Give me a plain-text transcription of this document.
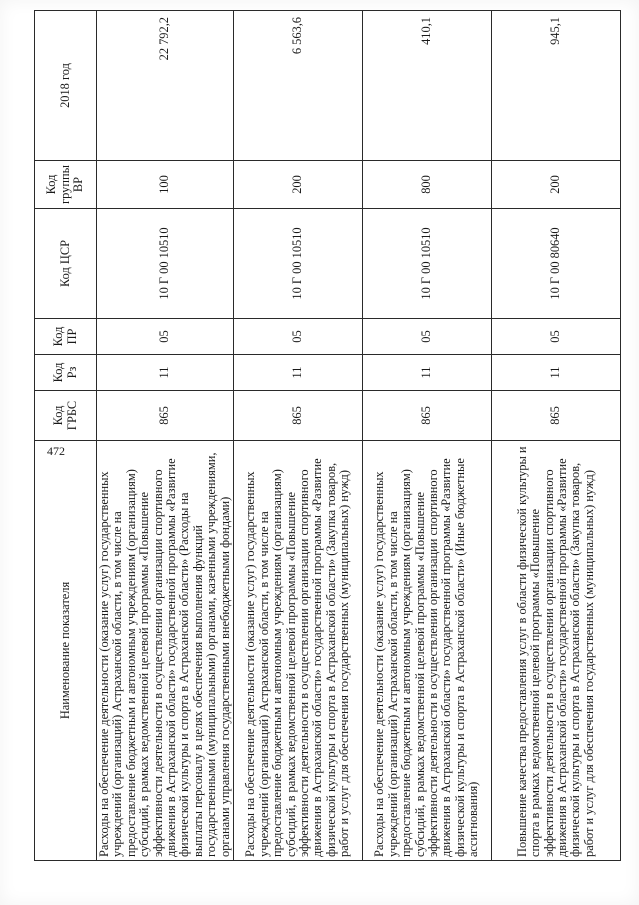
472
Наименование показателя	Код ГРБС	Код Рз	Код ПР	Код ЦСР	Код группы ВР	2018 год
Расходы на обеспечение деятельности (оказание услуг) государственных учреждений (организаций) Астраханской области, в том числе на предоставление бюджетным и автономным учреждениям (организациям) субсидий, в рамках ведомственной целевой программы «Повышение эффективности деятельности в осуществлении организации спортивного движения в Астраханской области» государственной программы «Развитие физической культуры и спорта в Астраханской области» (Расходы на выплаты персоналу в целях обеспечения выполнения функций государственными (муниципальными) органами, казенными учреждениями, органами управления государственными внебюджетными фондами)	865	11	05	10 Г 00 10510	100	22 792,2
Расходы на обеспечение деятельности (оказание услуг) государственных учреждений (организаций) Астраханской области, в том числе на предоставление бюджетным и автономным учреждениям (организациям) субсидий, в рамках ведомственной целевой программы «Повышение эффективности деятельности в осуществлении организации спортивного движения в Астраханской области» государственной программы «Развитие физической культуры и спорта в Астраханской области» (Закупка товаров, работ и услуг для обеспечения государственных (муниципальных) нужд)	865	11	05	10 Г 00 10510	200	6 563,6
Расходы на обеспечение деятельности (оказание услуг) государственных учреждений (организаций) Астраханской области, в том числе на предоставление бюджетным и автономным учреждениям (организациям) субсидий, в рамках ведомственной целевой программы «Повышение эффективности деятельности в осуществлении организации спортивного движения в Астраханской области» государственной программы «Развитие физической культуры и спорта в Астраханской области» (Иные бюджетные ассигнования)	865	11	05	10 Г 00 10510	800	410,1
Повышение качества предоставления услуг в области физической культуры и спорта в рамках ведомственной целевой программы «Повышение эффективности деятельности в осуществлении организации спортивного движения в Астраханской области» государственной программы «Развитие физической культуры и спорта в Астраханской области» (Закупка товаров, работ и услуг для обеспечения государственных (муниципальных) нужд)	865	11	05	10 Г 00 80640	200	945,1
